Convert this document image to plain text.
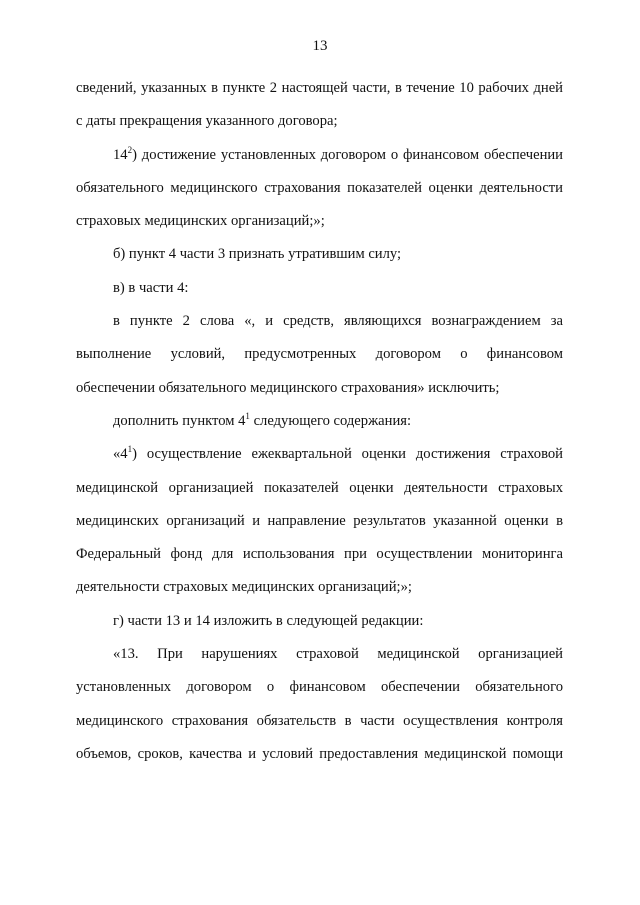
13

сведений, указанных в пункте 2 настоящей части, в течение 10 рабочих дней с даты прекращения указанного договора;

$14^2$) достижение установленных договором о финансовом обеспечении обязательного медицинского страхования показателей оценки деятельности страховых медицинских организаций;»;

б) пункт 4 части 3 признать утратившим силу;

в) в части 4:

в пункте 2 слова «, и средств, являющихся вознаграждением за выполнение условий, предусмотренных договором о финансовом обеспечении обязательного медицинского страхования» исключить;

дополнить пунктом $4^1$ следующего содержания:

«$4^1$) осуществление ежеквартальной оценки достижения страховой медицинской организацией показателей оценки деятельности страховых медицинских организаций и направление результатов указанной оценки в Федеральный фонд для использования при осуществлении мониторинга деятельности страховых медицинских организаций;»;

г) части 13 и 14 изложить в следующей редакции:

«13. При нарушениях страховой медицинской организацией установленных договором о финансовом обеспечении обязательного медицинского страхования обязательств в части осуществления контроля объемов, сроков, качества и условий предоставления медицинской помощи
